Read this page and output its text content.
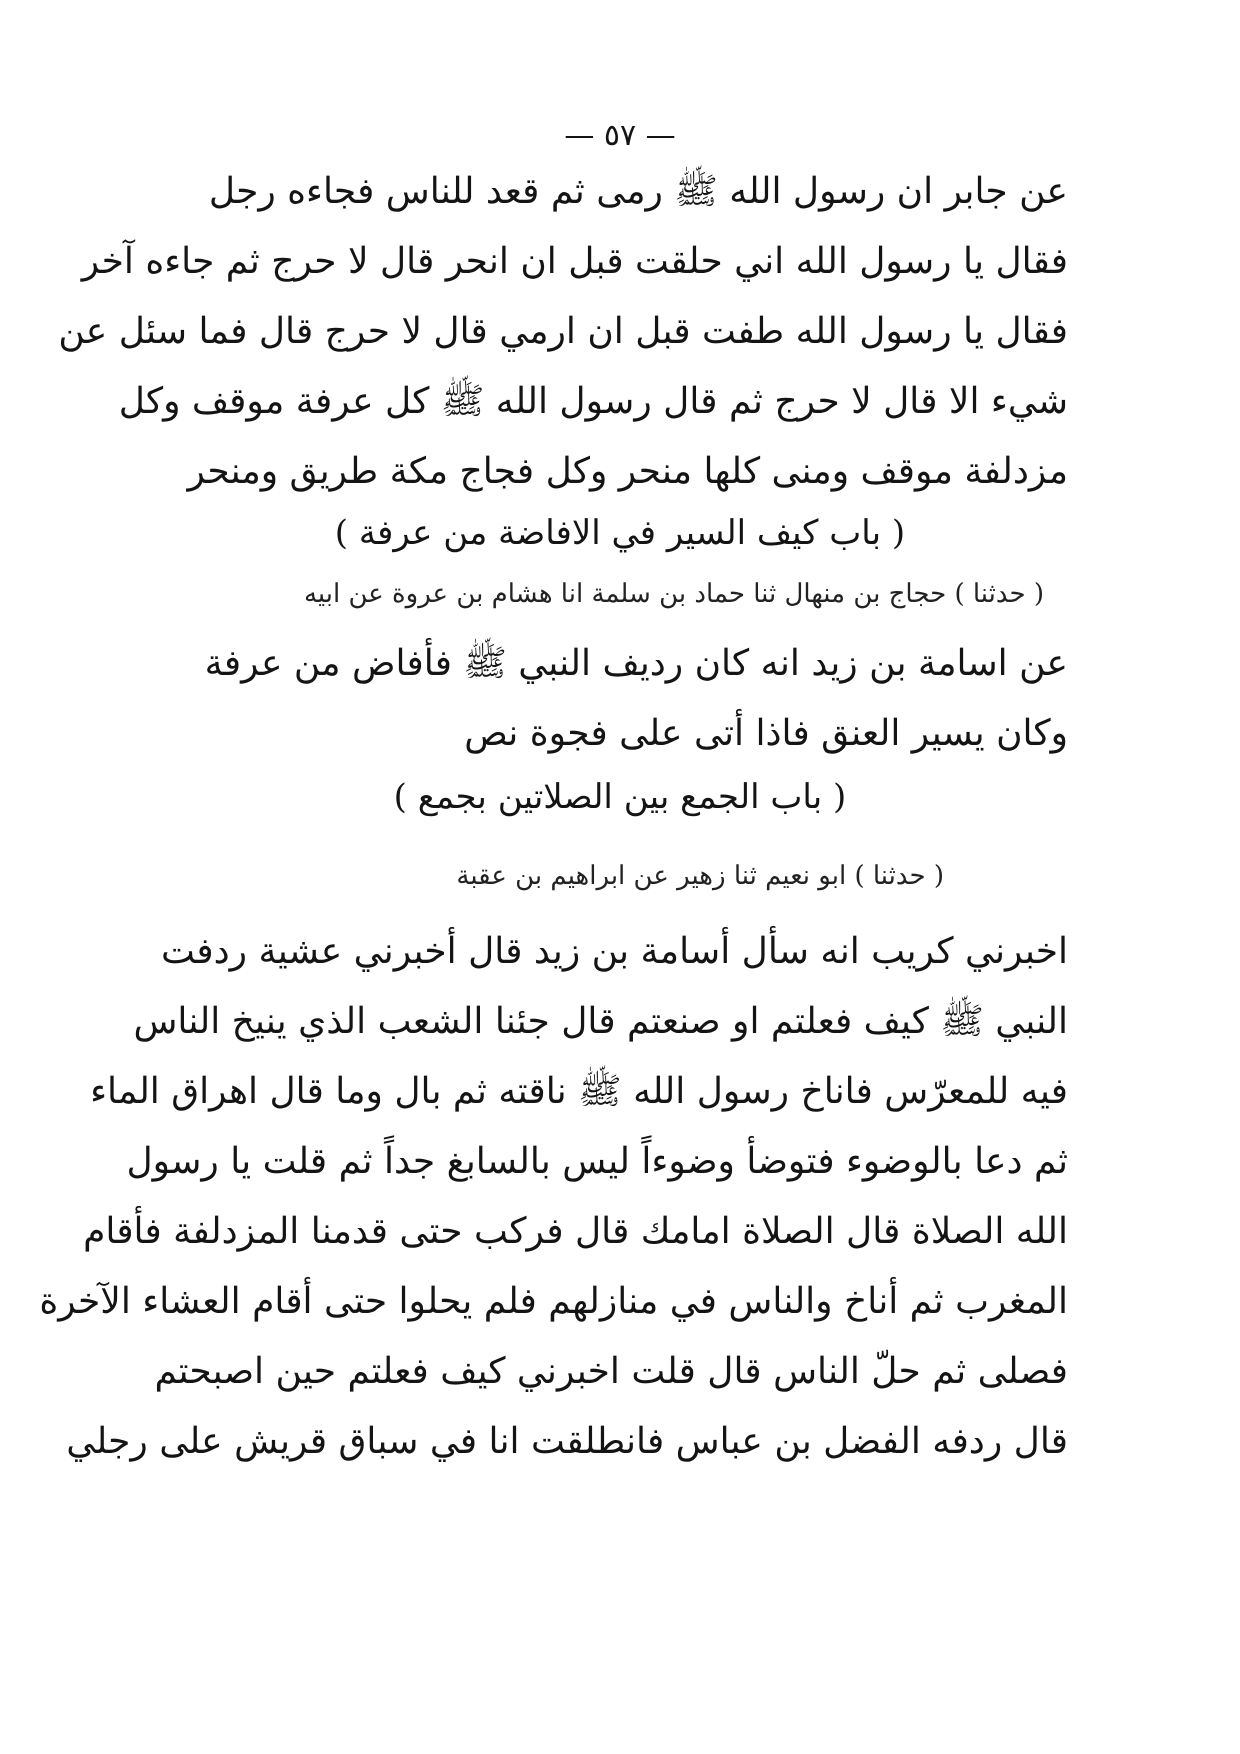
— ٥٧ —
عن جابر ان رسول الله ﷺ رمى ثم قعد للناس فجاءه رجل
فقال يا رسول الله اني حلقت قبل ان انحر قال لا حرج ثم جاءه آخر
فقال يا رسول الله طفت قبل ان ارمي قال لا حرج قال فما سئل عن
شيء الا قال لا حرج ثم قال رسول الله ﷺ كل عرفة موقف وكل
مزدلفة موقف ومنى كلها منحر وكل فجاج مكة طريق ومنحر
( باب كيف السير في الافاضة من عرفة )
( حدثنا ) حجاج بن منهال ثنا حماد بن سلمة انا هشام بن عروة عن ابيه
عن اسامة بن زيد انه كان رديف النبي ﷺ فأفاض من عرفة
وكان يسير العنق فاذا أتى على فجوة نص
( باب الجمع بين الصلاتين بجمع )
( حدثنا ) ابو نعيم ثنا زهير عن ابراهيم بن عقبة
اخبرني كريب انه سأل أسامة بن زيد قال أخبرني عشية ردفت
النبي ﷺ كيف فعلتم او صنعتم قال جئنا الشعب الذي ينيخ الناس
فيه للمعرّس فاناخ رسول الله ﷺ ناقته ثم بال وما قال اهراق الماء
ثم دعا بالوضوء فتوضأ وضوءاً ليس بالسابغ جداً ثم قلت يا رسول
الله الصلاة قال الصلاة امامك قال فركب حتى قدمنا المزدلفة فأقام
المغرب ثم أناخ والناس في منازلهم فلم يحلوا حتى أقام العشاء الآخرة
فصلى ثم حلّ الناس قال قلت اخبرني كيف فعلتم حين اصبحتم
قال ردفه الفضل بن عباس فانطلقت انا في سباق قريش على رجلي
